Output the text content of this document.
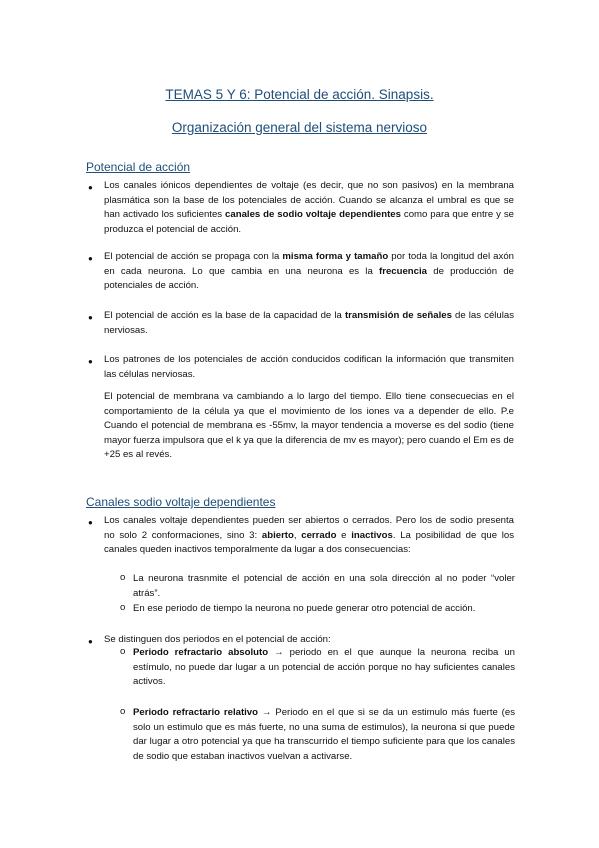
TEMAS 5 Y 6: Potencial de acción. Sinapsis.
Organización general del sistema nervioso
Potencial de acción
● Los canales iónicos dependientes de voltaje (es decir, que no son pasivos) en la membrana plasmática son la base de los potenciales de acción. Cuando se alcanza el umbral es que se han activado los suficientes canales de sodio voltaje dependientes como para que entre y se produzca el potencial de acción.
● El potencial de acción se propaga con la misma forma y tamaño por toda la longitud del axón en cada neurona. Lo que cambia en una neurona es la frecuencia de producción de potenciales de acción.
● El potencial de acción es la base de la capacidad de la transmisión de señales de las células nerviosas.
● Los patrones de los potenciales de acción conducidos codifican la información que transmiten las células nerviosas.
El potencial de membrana va cambiando a lo largo del tiempo. Ello tiene consecuecias en el comportamiento de la célula ya que el movimiento de los iones va a depender de ello. P.e Cuando el potencial de membrana es -55mv, la mayor tendencia a moverse es del sodio (tiene mayor fuerza impulsora que el k ya que la diferencia de mv es mayor); pero cuando el Em es de +25 es al revés.
Canales sodio voltaje dependientes
● Los canales voltaje dependientes pueden ser abiertos o cerrados. Pero los de sodio presenta no solo 2 conformaciones, sino 3: abierto, cerrado e inactivos. La posibilidad de que los canales queden inactivos temporalmente da lugar a dos consecuencias:
o La neurona trasnmite el potencial de acción en una sola dirección al no poder “voler atrás”.
o En ese periodo de tiempo la neurona no puede generar otro potencial de acción.
● Se distinguen dos periodos en el potencial de acción:
o Periodo refractario absoluto → periodo en el que aunque la neurona reciba un estímulo, no puede dar lugar a un potencial de acción porque no hay suficientes canales activos.
o Periodo refractario relativo → Periodo en el que si se da un estimulo más fuerte (es solo un estimulo que es más fuerte, no una suma de estimulos), la neurona si que puede dar lugar a otro potencial ya que ha transcurrido el tiempo suficiente para que los canales de sodio que estaban inactivos vuelvan a activarse.
